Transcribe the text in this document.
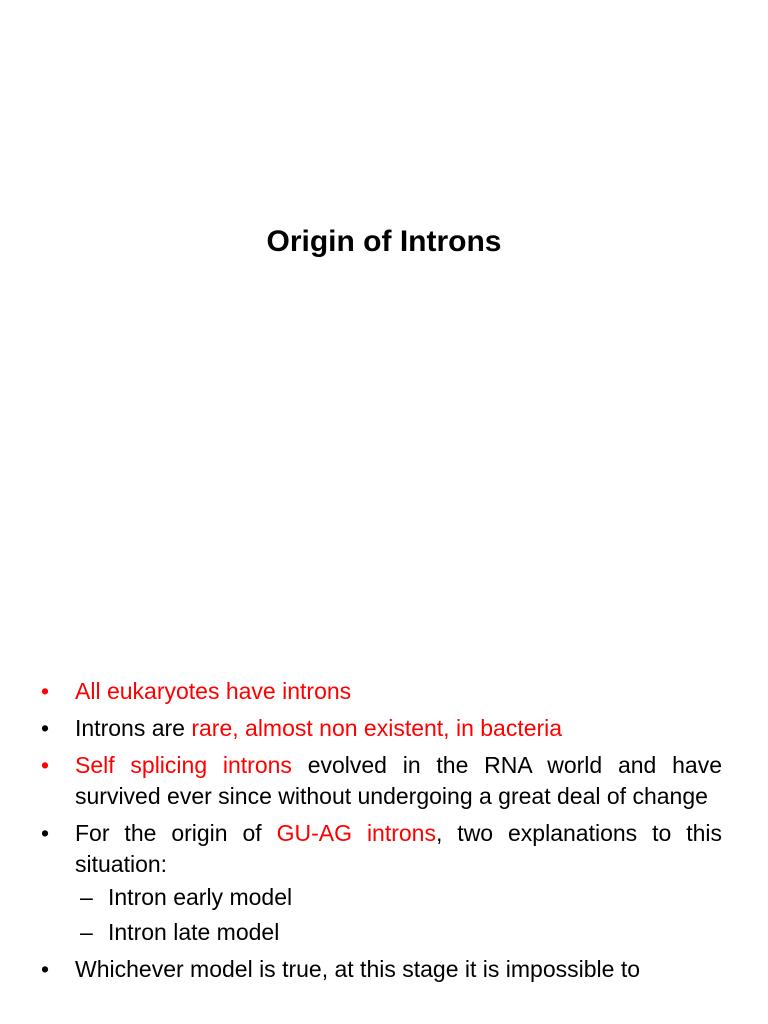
Origin of Introns
•	All eukaryotes have introns
•	Introns are rare, almost non existent, in bacteria
•	Self splicing introns evolved in the RNA world and have survived ever since without undergoing a great deal of change
•	For the origin of GU-AG introns, two explanations to this situation:
– Intron early model
– Intron late model
•	Whichever model is true, at this stage it is impossible to
